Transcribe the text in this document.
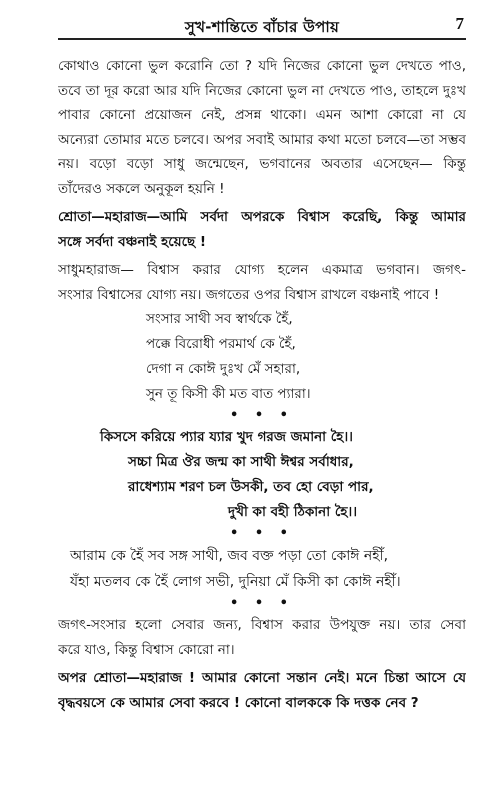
সুখ-শান্তিতে বাঁচার উপায়	7
কোথাও কোনো ভুল করোনি তো ? যদি নিজের কোনো ভুল দেখতে পাও,
তবে তা দূর করো আর যদি নিজের কোনো ভুল না দেখতে পাও, তাহলে দুঃখ
পাবার কোনো প্রয়োজন নেই, প্রসন্ন থাকো। এমন আশা কোরো না যে
অন্যেরা তোমার মতে চলবে। অপর সবাই আমার কথা মতো চলবে—তা সম্ভব
নয়। বড়ো বড়ো সাধু জন্মেছেন, ভগবানের অবতার এসেছেন— কিন্তু
তাঁদেরও সকলে অনুকূল হয়নি !
শ্রোতা—মহারাজ—আমি সর্বদা অপরকে বিশ্বাস করেছি, কিন্তু আমার
সঙ্গে সর্বদা বঞ্চনাই হয়েছে !
সাধুমহারাজ— বিশ্বাস করার যোগ্য হলেন একমাত্র ভগবান। জগৎ-
সংসার বিশ্বাসের যোগ্য নয়। জগতের ওপর বিশ্বাস রাখলে বঞ্চনাই পাবে !
সংসার সাথী সব স্বার্থকে হৈঁ,
পক্কে বিরোধী পরমার্থ কে হৈঁ,
দেগা ন কোঈ দুঃখ মেঁ সহারা,
সুন তূ কিসী কী মত বাত প্যারা।
• • •
কিসসে করিয়ে প্যার য্যার খুদ গরজ জমানা হৈ।।
সচ্চা মিত্র ঔর জন্ম কা সাথী ঈশ্বর সর্বাধার,
রাধেশ্যাম শরণ চল উসকী, তব হো বেড়া পার,
দুখী কা বহী ঠিকানা হৈ।।
• • •
আরাম কে হৈঁ সব সঙ্গ সাথী, জব বক্ত পড়া তো কোঈ নহীঁ,
যঁহা মতলব কে হৈঁ লোগ সভী, দুনিয়া মেঁ কিসী কা কোঈ নহীঁ।
• • •
জগৎ-সংসার হলো সেবার জন্য, বিশ্বাস করার উপযুক্ত নয়। তার সেবা
করে যাও, কিন্তু বিশ্বাস কোরো না।
অপর শ্রোতা—মহারাজ ! আমার কোনো সন্তান নেই। মনে চিন্তা আসে যে
বৃদ্ধবয়সে কে আমার সেবা করবে ! কোনো বালককে কি দত্তক নেব ?
